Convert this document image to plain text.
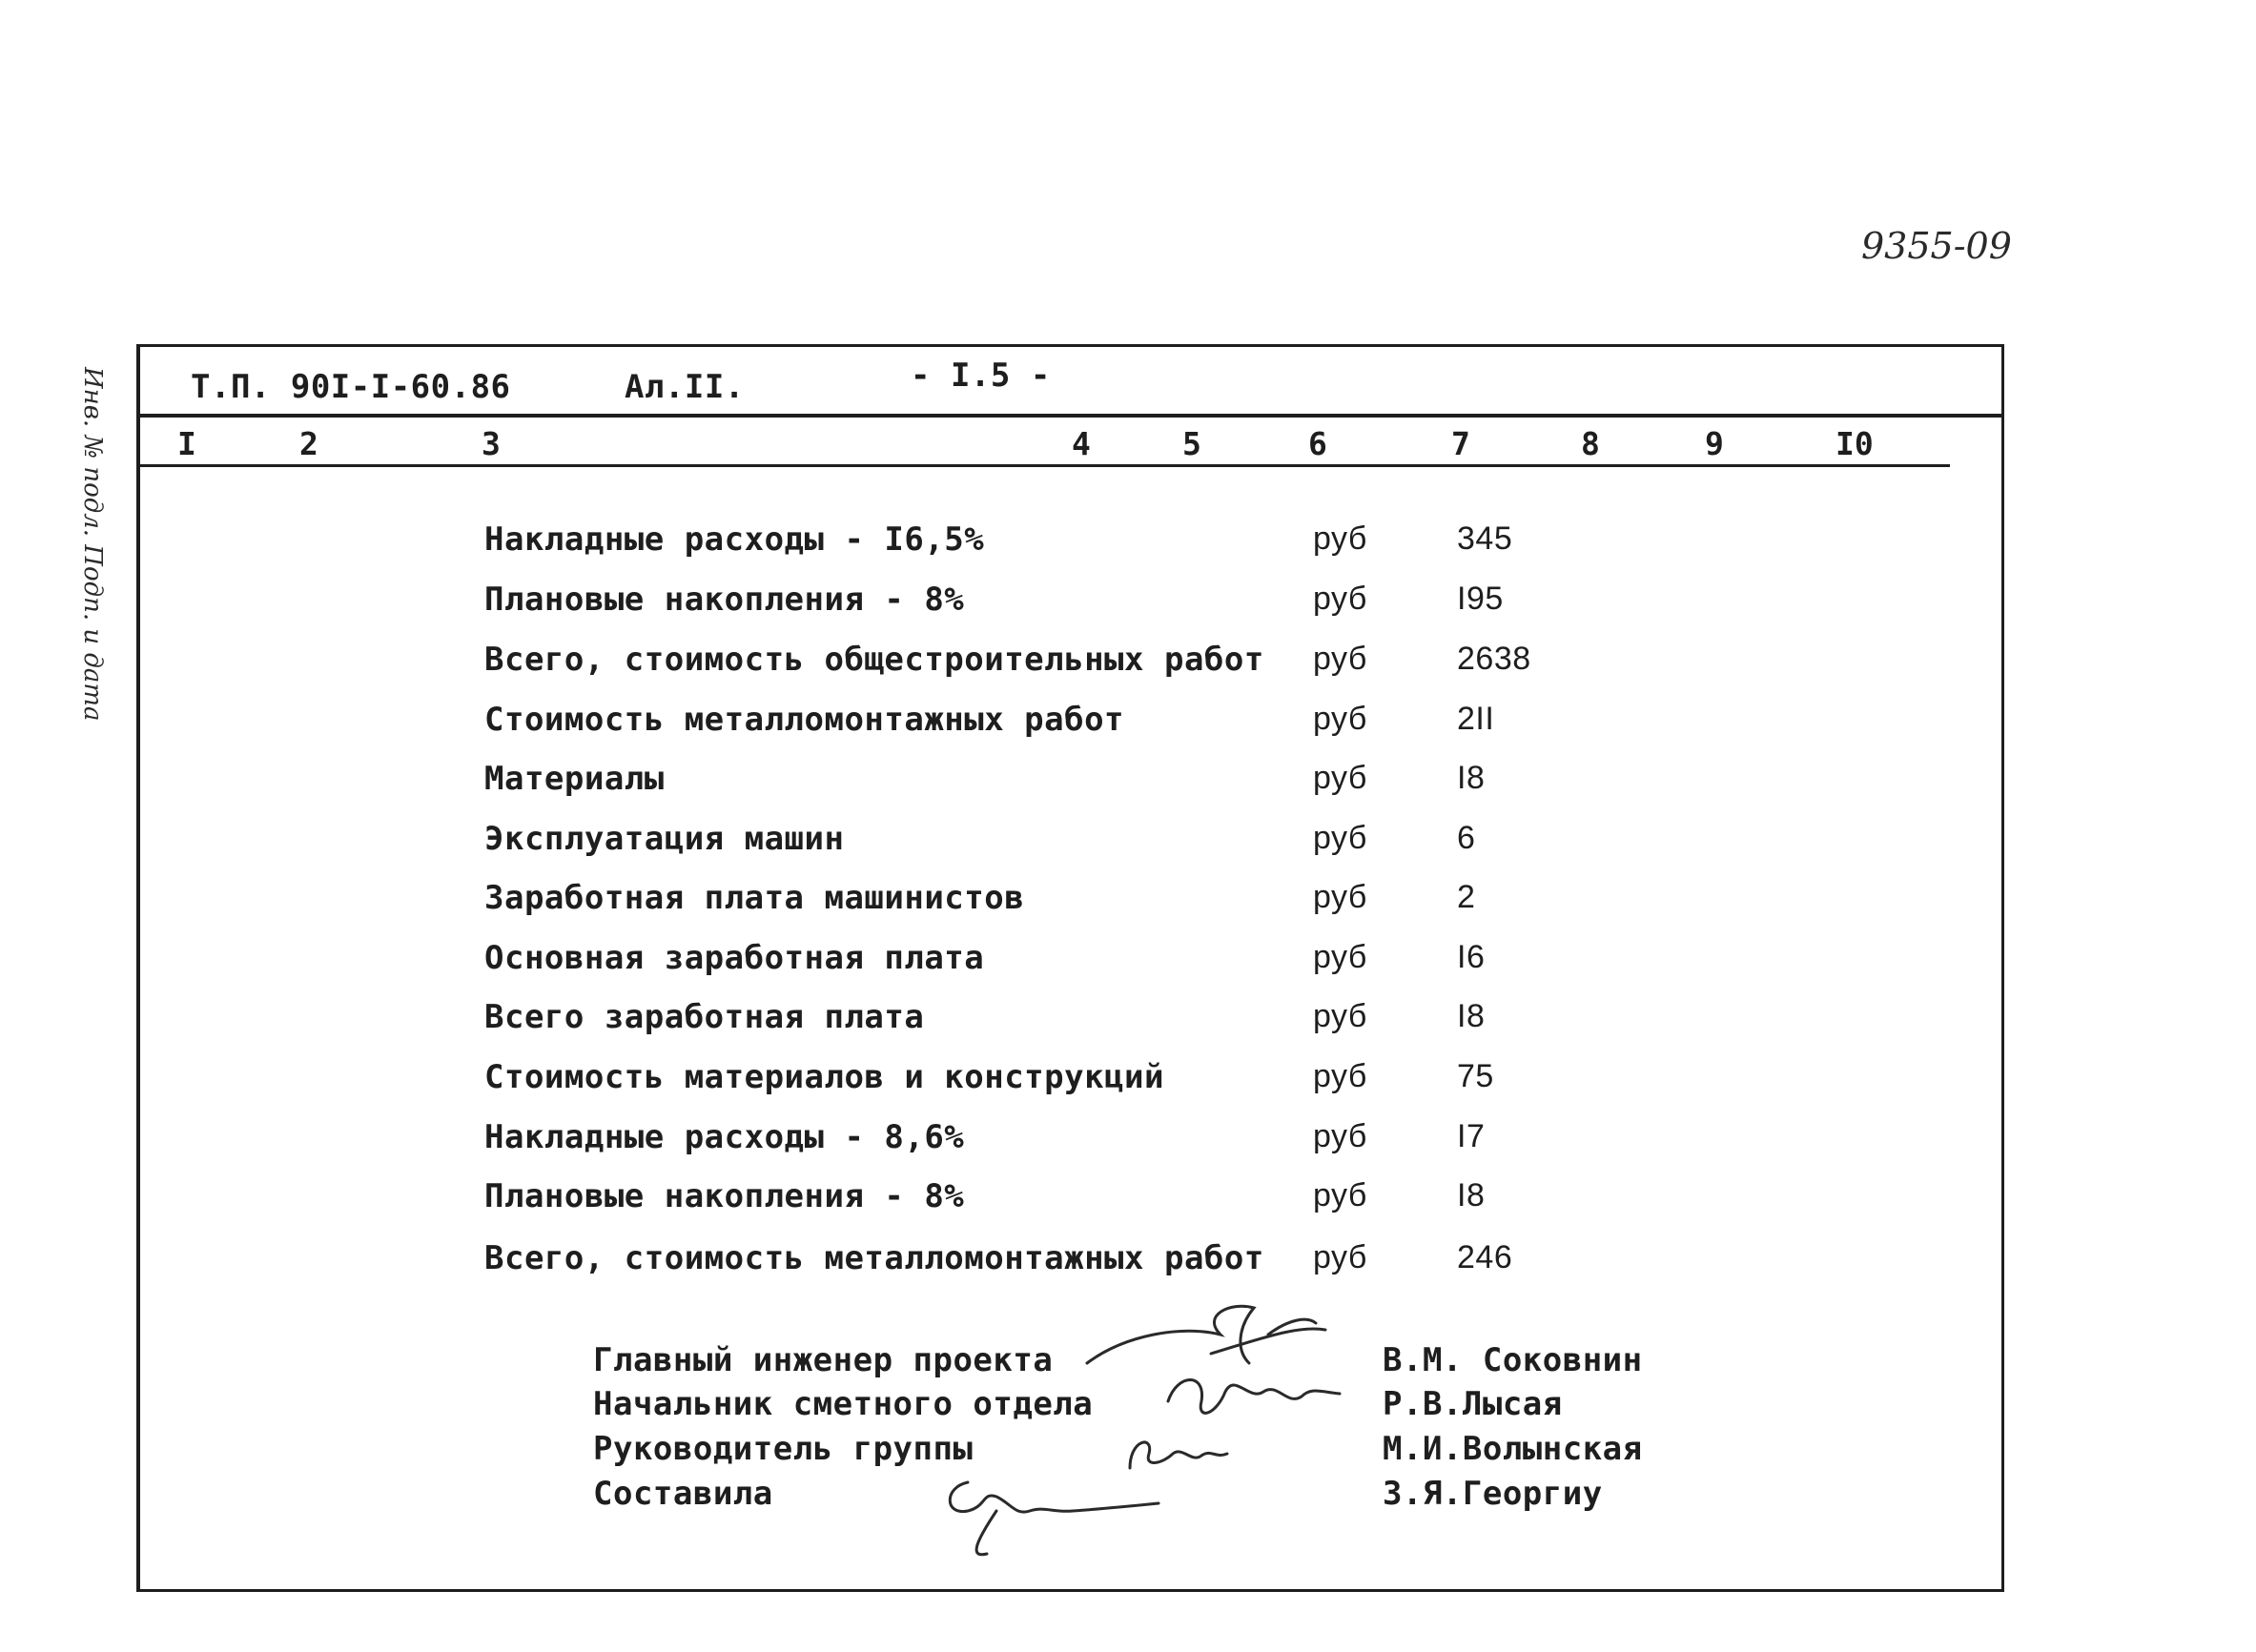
9355-09
Инв. № подл. Подп. и дата	Т.П. 90I-I-60.86	Ал.II.	- I.5 -
I	2	3	4	5	6	7	8	9	I0
Накладные расходы - I6,5%	руб	345
Плановые накопления - 8%	руб	I95
Всего, стоимость общестроительных работ руб	2638
Стоимость металломонтажных работ	руб	2II
Материалы	руб	I8
Эксплуатация машин	руб	6
Заработная плата машинистов	руб	2
Основная заработная плата	руб	I6
Всего заработная плата	руб	I8
Стоимость материалов и конструкций	руб	75
Накладные расходы - 8,6%	руб	I7
Плановые накопления - 8%	руб	I8
Всего, стоимость металломонтажных работ руб	246
Главный инженер проекта	В.М. Соковнин
Начальник сметного отдела	Р.В.Лысая
Руководитель группы	М.И.Волынская
Составила	З.Я.Георгиу
